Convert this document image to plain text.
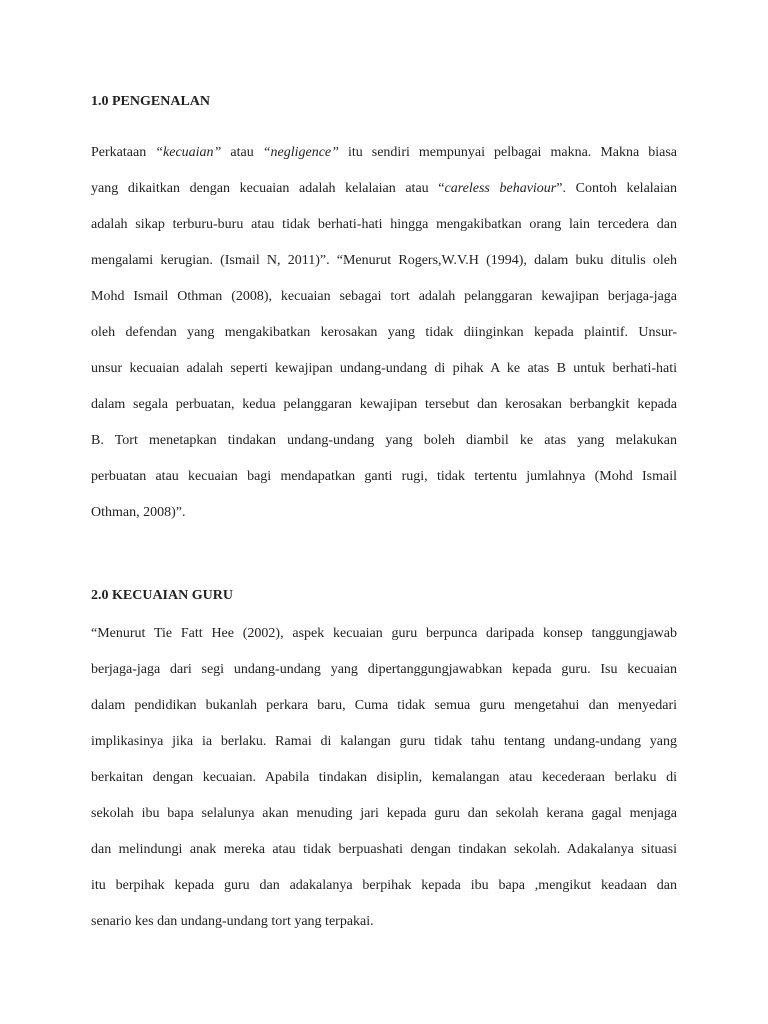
1.0 PENGENALAN
Perkataan “kecuaian” atau “negligence” itu sendiri mempunyai pelbagai makna. Makna biasa
yang dikaitkan dengan kecuaian adalah kelalaian atau “careless behaviour”. Contoh kelalaian
adalah sikap terburu-buru atau tidak berhati-hati hingga mengakibatkan orang lain tercedera dan
mengalami kerugian. (Ismail N, 2011)”. “Menurut Rogers,W.V.H (1994), dalam buku ditulis oleh
Mohd Ismail Othman (2008), kecuaian sebagai tort adalah pelanggaran kewajipan berjaga-jaga
oleh defendan yang mengakibatkan kerosakan yang tidak diinginkan kepada plaintif. Unsur-
unsur kecuaian adalah seperti kewajipan undang-undang di pihak A ke atas B untuk berhati-hati
dalam segala perbuatan, kedua pelanggaran kewajipan tersebut dan kerosakan berbangkit kepada
B. Tort menetapkan tindakan undang-undang yang boleh diambil ke atas yang melakukan
perbuatan atau kecuaian bagi mendapatkan ganti rugi, tidak tertentu jumlahnya (Mohd Ismail
Othman, 2008)”.
2.0 KECUAIAN GURU
“Menurut Tie Fatt Hee (2002), aspek kecuaian guru berpunca daripada konsep tanggungjawab
berjaga-jaga dari segi undang-undang yang dipertanggungjawabkan kepada guru. Isu kecuaian
dalam pendidikan bukanlah perkara baru, Cuma tidak semua guru mengetahui dan menyedari
implikasinya jika ia berlaku. Ramai di kalangan guru tidak tahu tentang undang-undang yang
berkaitan dengan kecuaian. Apabila tindakan disiplin, kemalangan atau kecederaan berlaku di
sekolah ibu bapa selalunya akan menuding jari kepada guru dan sekolah kerana gagal menjaga
dan melindungi anak mereka atau tidak berpuashati dengan tindakan sekolah. Adakalanya situasi
itu berpihak kepada guru dan adakalanya berpihak kepada ibu bapa ,mengikut keadaan dan
senario kes dan undang-undang tort yang terpakai.
